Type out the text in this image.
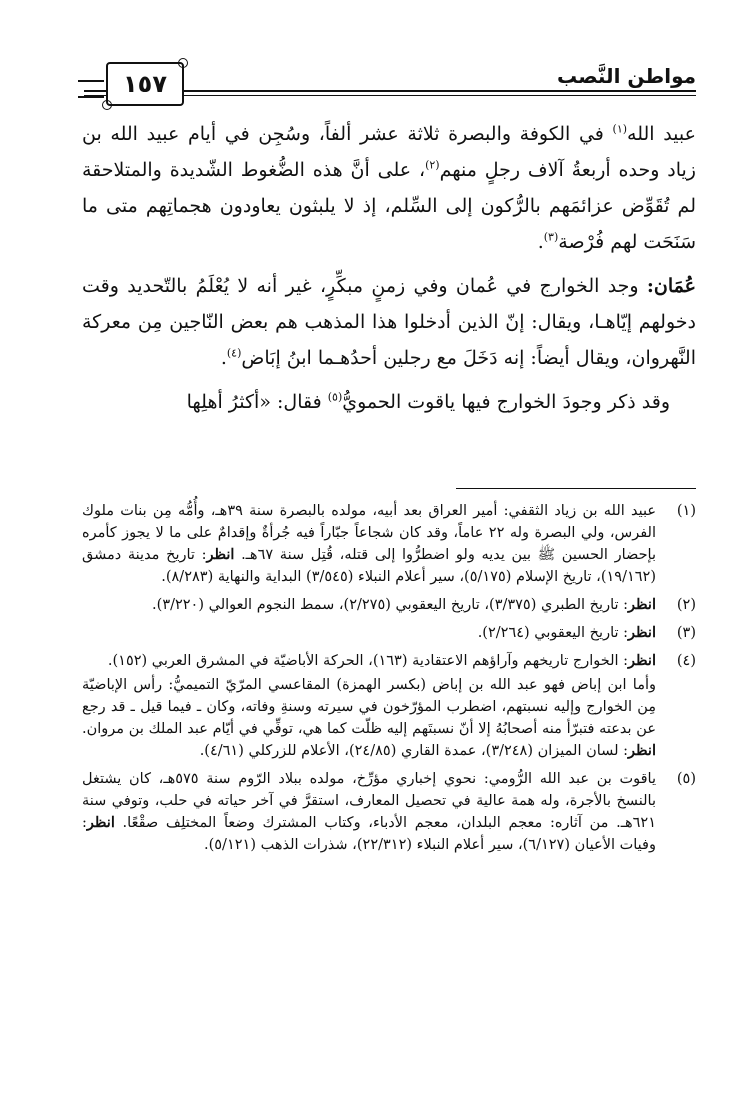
مواطن النَّصب
١٥٧

عبيد الله$^{(١)}$ في الكوفة والبصرة ثلاثة عشر ألفاً، وسُجِن في أيام عبيد الله بن زياد وحده أربعةُ آلاف رجلٍ منهم$^{(٢)}$، على أنَّ هذه الضُّغوط الشّديدة والمتلاحقة لم تُقَوِّض عزائمَهم بالرُّكون إلى السِّلم، إذ لا يلبثون يعاودون هجماتِهم متى ما سَنَحَت لهم فُرْصة$^{(٣)}$.

عُمَان: وجد الخوارج في عُمان وفي زمنٍ مبكِّرٍ، غير أنه لا يُعْلَمُ بالتّحديد وقت دخولهم إيّاهـا، ويقال: إنّ الذين أدخلوا هذا المذهب هم بعض النّاجين مِن معركة النَّهروان، ويقال أيضاً: إنه دَخَلَ مع رجلين أحدُهـما ابنُ إبَاض$^{(٤)}$.

وقد ذكر وجودَ الخوارج فيها ياقوت الحمويُّ$^{(٥)}$ فقال: «أكثرُ أهلِها

(١)
عبيد الله بن زياد الثقفي: أمير العراق بعد أبيه، مولده بالبصرة سنة ٣٩هـ، وأُمُّه مِن بنات ملوك الفرس، ولي البصرة وله ٢٢ عاماً، وقد كان شجاعاً جبّاراً فيه جُرأةٌ وإقدامٌ على ما لا يجوز كأمره بإحضار الحسين ﷺ بين يديه ولو اضطرُّوا إلى قتله، قُتِل سنة ٦٧هـ. انظر: تاريخ مدينة دمشق (١٩/١٦٢)، تاريخ الإسلام (٥/١٧٥)، سير أعلام النبلاء (٣/٥٤٥) البداية والنهاية (٨/٢٨٣).
(٢)
انظر: تاريخ الطبري (٣/٣٧٥)، تاريخ اليعقوبي (٢/٢٧٥)، سمط النجوم العوالي (٣/٢٢٠).
(٣)
انظر: تاريخ اليعقوبي (٢/٢٦٤).
(٤)
انظر: الخوارج تاريخهم وآراؤهم الاعتقادية (١٦٣)، الحركة الأباضيّة في المشرق العربي (١٥٢).
وأما ابن إباض فهو عبد الله بن إباض (بكسر الهمزة) المقاعسي المرّيّ التميميُّ: رأس الإباضيّة مِن الخوارج وإليه نسبتهم، اضطرب المؤرّخون في سيرته وسنةِ وفاته، وكان ـ فيما قيل ـ قد رجع عن بدعته فتبرّأ منه أصحابُهُ إلا أنّ نسبتَهم إليه ظلّت كما هي، توفِّي في أيّام عبد الملك بن مروان. انظر: لسان الميزان (٣/٢٤٨)، عمدة القاري (٢٤/٨٥)، الأعلام للزركلي (٤/٦١).
(٥)
ياقوت بن عبد الله الرُّومي: نحوي إخباري مؤرِّخ، مولده ببلاد الرّوم سنة ٥٧٥هـ، كان يشتغل بالنسخ بالأجرة، وله همة عالية في تحصيل المعارف، استقرَّ في آخر حياته في حلب، وتوفي سنة ٦٢١هـ. من آثاره: معجم البلدان، معجم الأدباء، وكتاب المشترك وضعاً المختلِف صقْعًا. انظر: وفيات الأعيان (٦/١٢٧)، سير أعلام النبلاء (٢٢/٣١٢)، شذرات الذهب (٥/١٢١).
